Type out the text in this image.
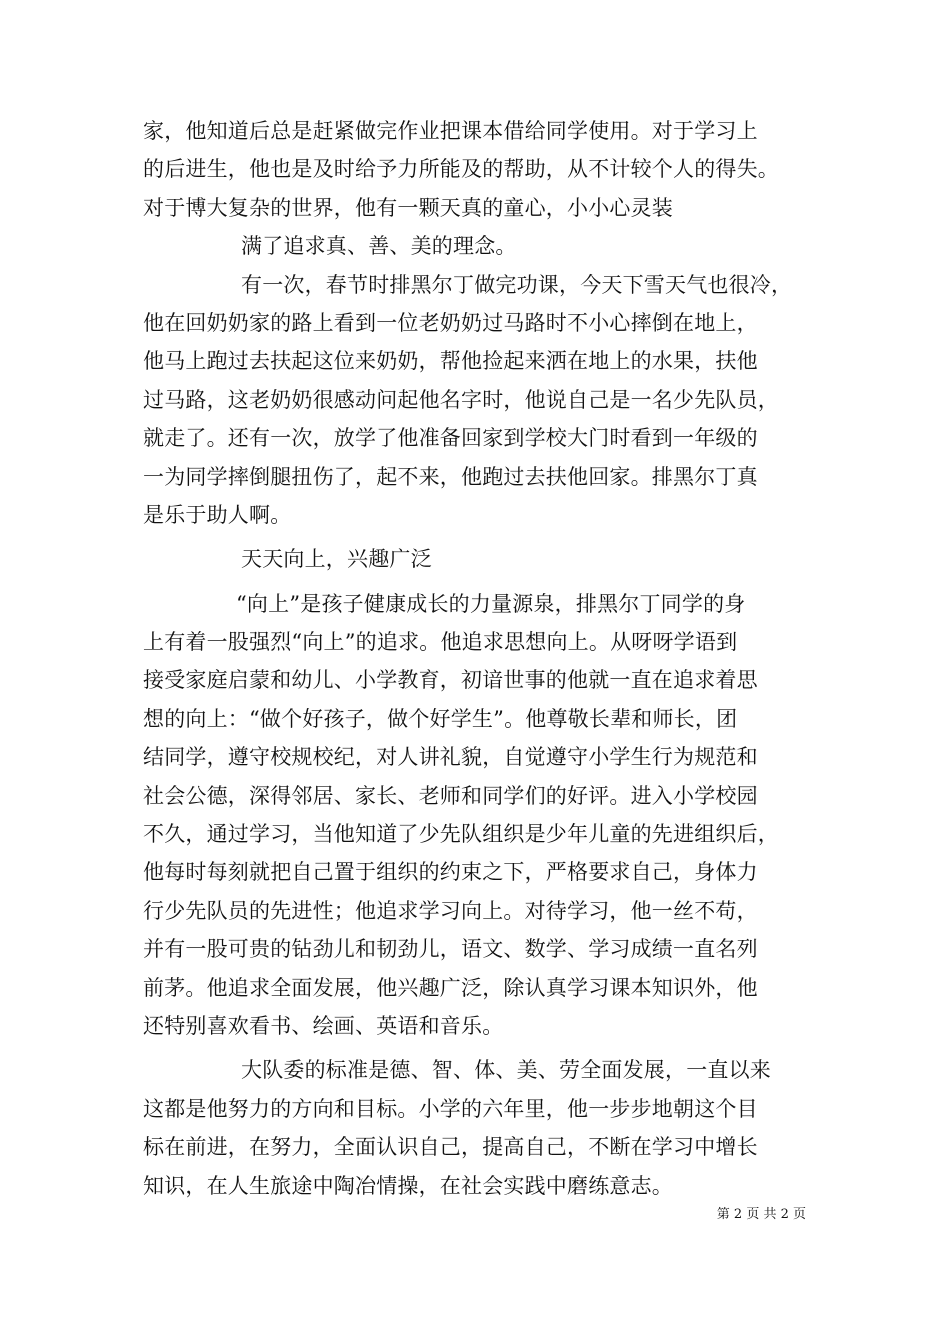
家，他知道后总是赶紧做完作业把课本借给同学使用。对于学习上
的后进生，他也是及时给予力所能及的帮助，从不计较个人的得失。
对于博大复杂的世界，他有一颗天真的童心，小小心灵装
满了追求真、善、美的理念。
有一次，春节时排黑尔丁做完功课，今天下雪天气也很冷，
他在回奶奶家的路上看到一位老奶奶过马路时不小心摔倒在地上，
他马上跑过去扶起这位来奶奶，帮他捡起来洒在地上的水果，扶他
过马路，这老奶奶很感动问起他名字时，他说自己是一名少先队员，
就走了。还有一次，放学了他准备回家到学校大门时看到一年级的
一为同学摔倒腿扭伤了，起不来，他跑过去扶他回家。排黑尔丁真
是乐于助人啊。
天天向上，兴趣广泛
“向上”是孩子健康成长的力量源泉，排黑尔丁同学的身
上有着一股强烈“向上”的追求。他追求思想向上。从呀呀学语到
接受家庭启蒙和幼儿、小学教育，初谙世事的他就一直在追求着思
想的向上：“做个好孩子，做个好学生”。他尊敬长辈和师长，团
结同学，遵守校规校纪，对人讲礼貌，自觉遵守小学生行为规范和
社会公德，深得邻居、家长、老师和同学们的好评。进入小学校园
不久，通过学习，当他知道了少先队组织是少年儿童的先进组织后，
他每时每刻就把自己置于组织的约束之下，严格要求自己，身体力
行少先队员的先进性；他追求学习向上。对待学习，他一丝不苟，
并有一股可贵的钻劲儿和韧劲儿，语文、数学、学习成绩一直名列
前茅。他追求全面发展，他兴趣广泛，除认真学习课本知识外，他
还特别喜欢看书、绘画、英语和音乐。
大队委的标准是德、智、体、美、劳全面发展，一直以来
这都是他努力的方向和目标。小学的六年里，他一步步地朝这个目
标在前进，在努力，全面认识自己，提高自己，不断在学习中增长
知识，在人生旅途中陶冶情操，在社会实践中磨练意志。
第 2 页 共 2 页
